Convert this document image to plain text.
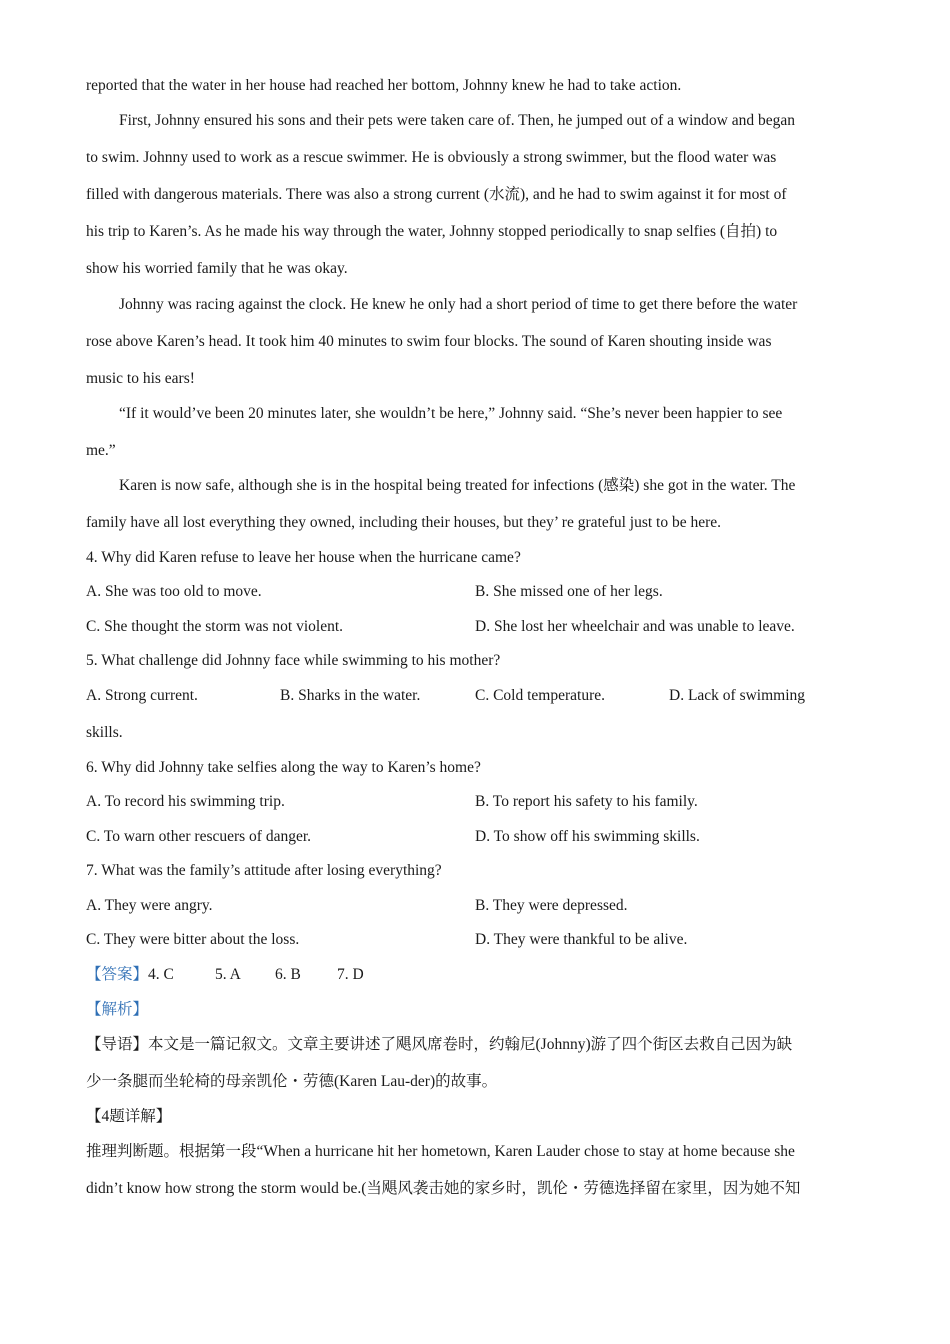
reported that the water in her house had reached her bottom, Johnny knew he had to take action.
First, Johnny ensured his sons and their pets were taken care of. Then, he jumped out of a window and began
to swim. Johnny used to work as a rescue swimmer. He is obviously a strong swimmer, but the flood water was
filled with dangerous materials. There was also a strong current (水流), and he had to swim against it for most of
his trip to Karen’s. As he made his way through the water, Johnny stopped periodically to snap selfies (自拍) to
show his worried family that he was okay.
Johnny was racing against the clock. He knew he only had a short period of time to get there before the water
rose above Karen’s head. It took him 40 minutes to swim four blocks. The sound of Karen shouting inside was
music to his ears!
“If it would’ve been 20 minutes later, she wouldn’t be here,” Johnny said. “She’s never been happier to see
me.”
Karen is now safe, although she is in the hospital being treated for infections (感染) she got in the water. The
family have all lost everything they owned, including their houses, but they’ re grateful just to be here.
4. Why did Karen refuse to leave her house when the hurricane came?
A. She was too old to move.	B. She missed one of her legs.
C. She thought the storm was not violent.	D. She lost her wheelchair and was unable to leave.
5. What challenge did Johnny face while swimming to his mother?
A. Strong current.	B. Sharks in the water.	C. Cold temperature.	D. Lack of swimming
skills.
6. Why did Johnny take selfies along the way to Karen’s home?
A. To record his swimming trip.	B. To report his safety to his family.
C. To warn other rescuers of danger.	D. To show off his swimming skills.
7. What was the family’s attitude after losing everything?
A. They were angry.	B. They were depressed.
C. They were bitter about the loss.	D. They were thankful to be alive.
【答案】4. C	5. A 6. B 7. D
【解析】
【导语】本文是一篇记叙文。文章主要讲述了飓风席卷时，约翰尼(Johnny)游了四个街区去救自己因为缺
少一条腿而坐轮椅的母亲凯伦・劳德(Karen Lau-der)的故事。
【4题详解】
推理判断题。根据第一段“When a hurricane hit her hometown, Karen Lauder chose to stay at home because she
didn’t know how strong the storm would be.(当飓风袭击她的家乡时，凯伦・劳德选择留在家里，因为她不知
